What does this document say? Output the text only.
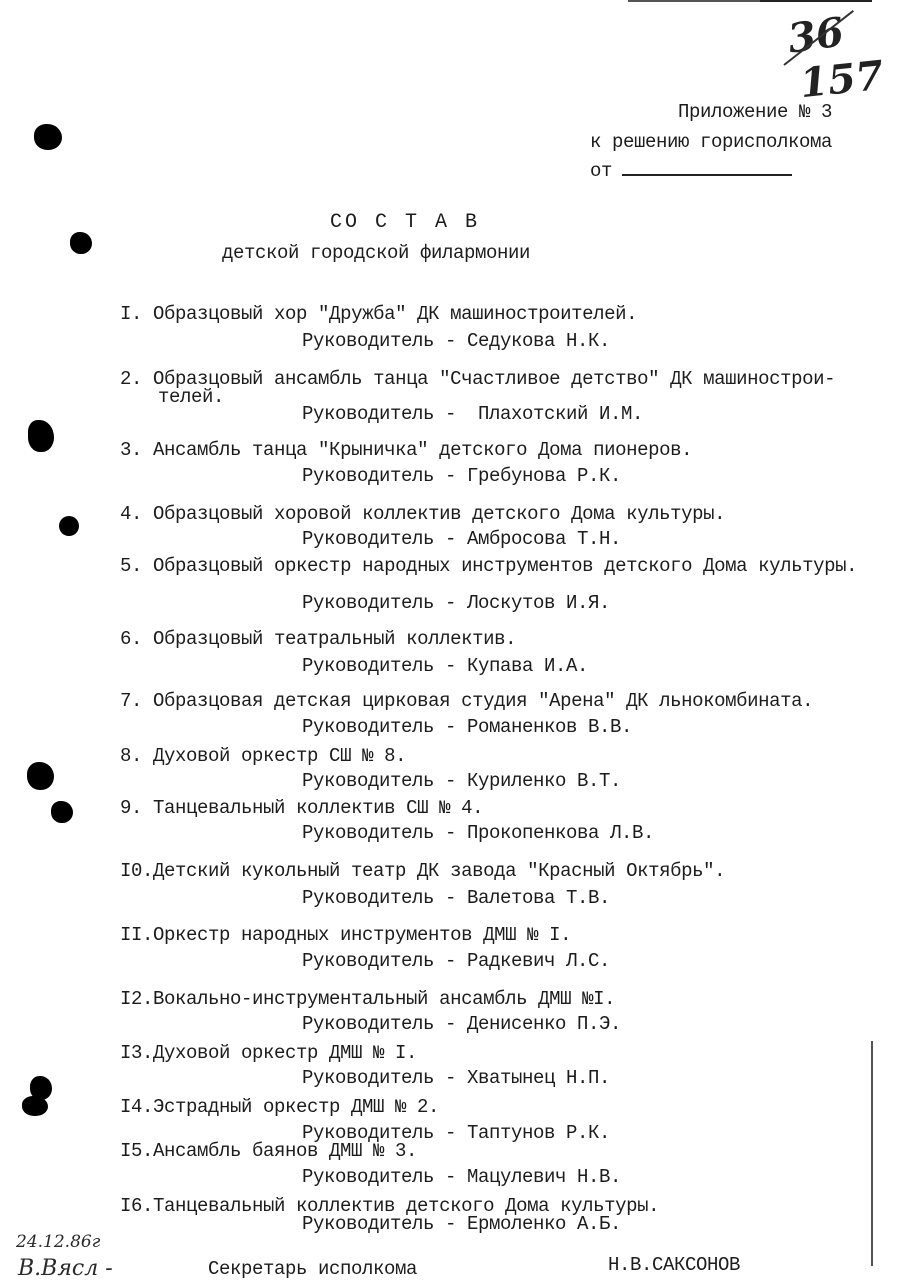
36
157
Приложение № 3
к решению горисполкома
от
СО С Т А В
детской городской филармонии
I. Образцовый хор "Дружба" ДК машиностроителей.
Руководитель - Седукова Н.К.
2. Образцовый ансамбль танца "Счастливое детство" ДК машинострои-
телей.
Руководитель -  Плахотский И.М.
3. Ансамбль танца "Крыничка" детского Дома пионеров.
Руководитель - Гребунова Р.К.
4. Образцовый хоровой коллектив детского Дома культуры.
Руководитель - Амбросова Т.Н.
5. Образцовый оркестр народных инструментов детского Дома культуры.
Руководитель - Лоскутов И.Я.
6. Образцовый театральный коллектив.
Руководитель - Купава И.А.
7. Образцовая детская цирковая студия "Арена" ДК льнокомбината.
Руководитель - Романенков В.В.
8. Духовой оркестр СШ № 8.
Руководитель - Куриленко В.Т.
9. Танцевальный коллектив СШ № 4.
Руководитель - Прокопенкова Л.В.
I0.Детский кукольный театр ДК завода "Красный Октябрь".
Руководитель - Валетова Т.В.
II.Оркестр народных инструментов ДМШ № I.
Руководитель - Радкевич Л.С.
I2.Вокально-инструментальный ансамбль ДМШ №I.
Руководитель - Денисенко П.Э.
I3.Духовой оркестр ДМШ № I.
Руководитель - Хватынец Н.П.
I4.Эстрадный оркестр ДМШ № 2.
Руководитель - Таптунов Р.К.
I5.Ансамбль баянов ДМШ № 3.
Руководитель - Мацулевич Н.В.
I6.Танцевальный коллектив детского Дома культуры.
Руководитель - Ермоленко А.Б.
24.12.86г
В.Вясл -	Секретарь исполкома	Н.В.САКСОНОВ
